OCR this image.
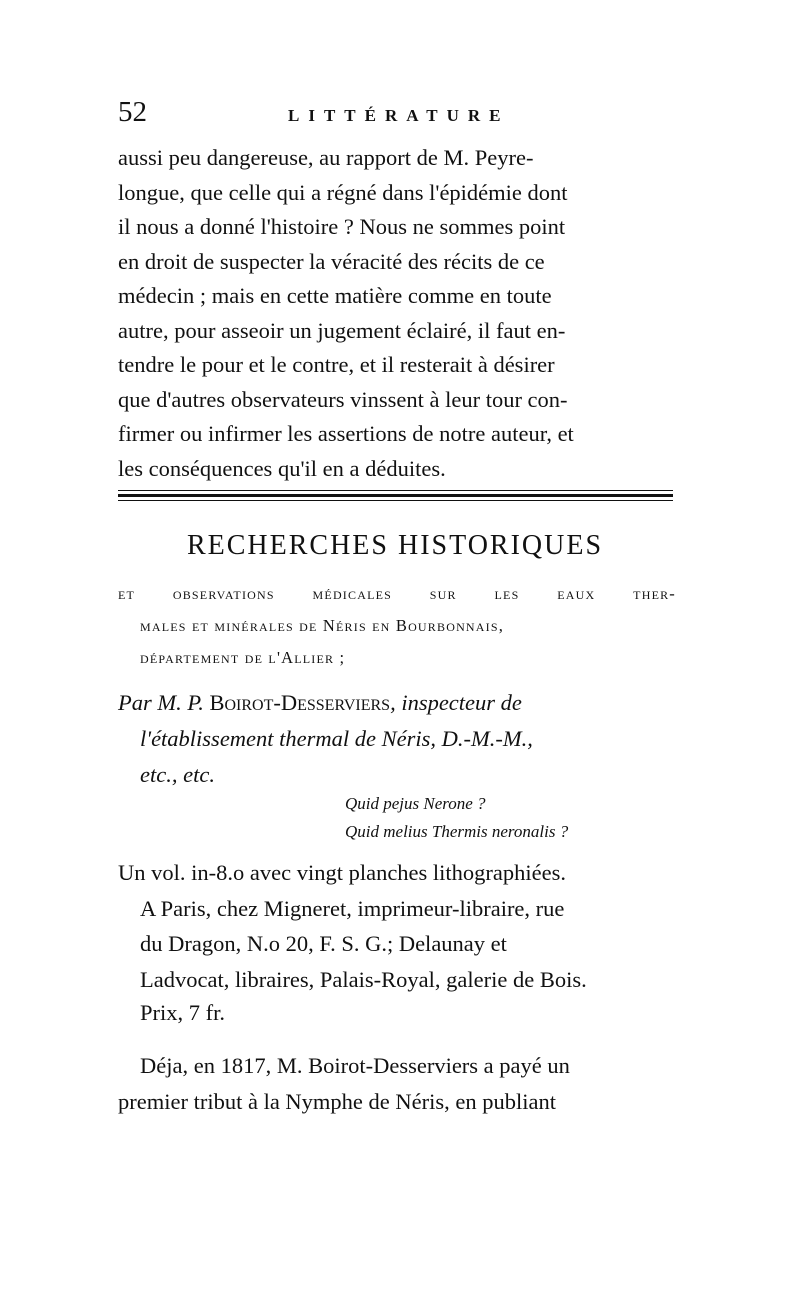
52	LITTÉRATURE

aussi peu dangereuse, au rapport de M. Peyre-

longue, que celle qui a régné dans l'épidémie dont

il nous a donné l'histoire ? Nous ne sommes point

en droit de suspecter la véracité des récits de ce

médecin ; mais en cette matière comme en toute

autre, pour asseoir un jugement éclairé, il faut en-

tendre le pour et le contre, et il resterait à désirer

que d'autres observateurs vinssent à leur tour con-

firmer ou infirmer les assertions de notre auteur, et

les conséquences qu'il en a déduites.

RECHERCHES HISTORIQUES
et observations médicales sur les eaux ther-
males et minérales de Néris en Bourbonnais,
département de l'Allier ;
Par M. P. Boirot-Desserviers, inspecteur de
l'établissement thermal de Néris, D.-M.-M.,
etc., etc.
Quid pejus Nerone ?
Quid melius Thermis neronalis ?
Un vol. in-8.o avec vingt planches lithographiées.
A Paris, chez Migneret, imprimeur-libraire, rue
du Dragon, N.o 20, F. S. G.; Delaunay et
Ladvocat, libraires, Palais-Royal, galerie de Bois.
Prix, 7 fr.
Déja, en 1817, M. Boirot-Desserviers a payé un
premier tribut à la Nymphe de Néris, en publiant
